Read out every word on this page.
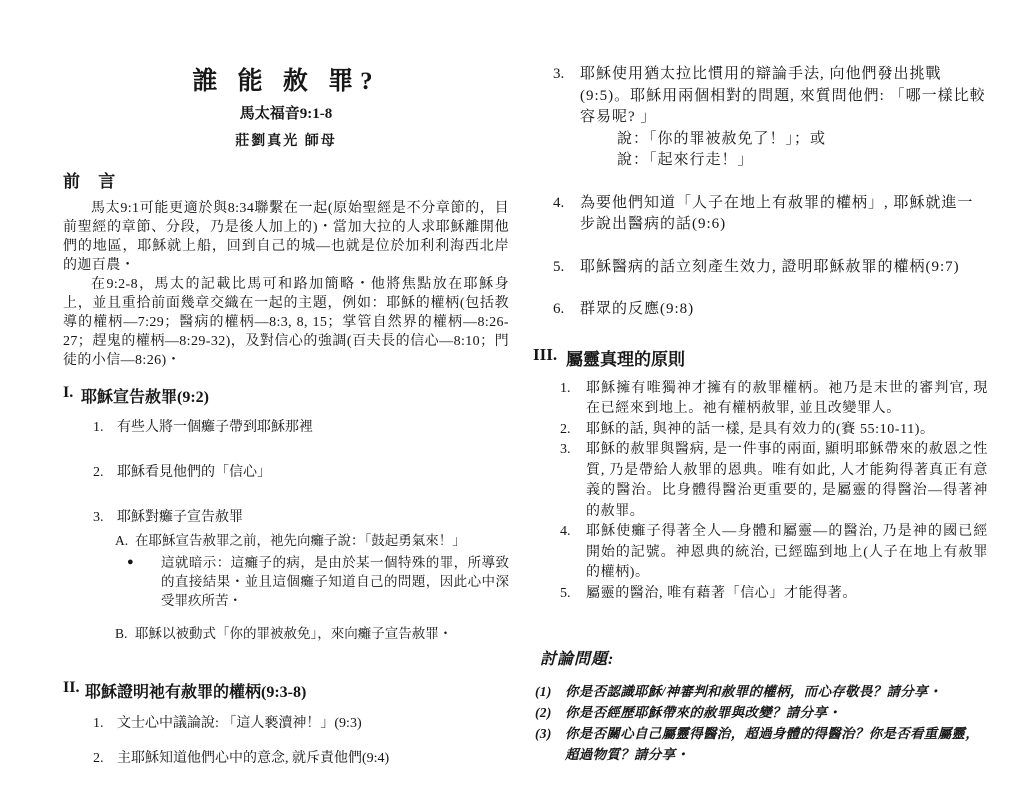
誰 能 赦 罪?
馬太福音9:1-8
莊劉真光 師母
前 言

馬太9:1可能更適於與8:34聯繫在一起(原始聖經是不分章節的，目前聖經的章節、分段，乃是後人加上的)・當加大拉的人求耶穌離開他們的地區，耶穌就上船，回到自己的城—也就是位於加利利海西北岸的迦百農・

在9:2-8，馬太的記載比馬可和路加簡略・他將焦點放在耶穌身上，並且重拾前面幾章交織在一起的主題，例如：耶穌的權柄(包括教導的權柄—7:29；醫病的權柄—8:3, 8, 15；掌管自然界的權柄—8:26-27；趕鬼的權柄—8:29-32)，及對信心的強調(百夫長的信心—8:10；門徒的小信—8:26)・

I. 耶穌宣告赦罪(9:2)
1. 有些人將一個癱子帶到耶穌那裡
2. 耶穌看見他們的「信心」
3. 耶穌對癱子宣告赦罪
A. 在耶穌宣告赦罪之前，祂先向癱子說：「鼓起勇氣來！」
●	這就暗示：這癱子的病，是由於某一個特殊的罪，所導致的直接結果・並且這個癱子知道自己的問題，因此心中深受罪疚所苦・
B. 耶穌以被動式「你的罪被赦免」，來向癱子宣告赦罪・
II. 耶穌證明祂有赦罪的權柄(9:3-8)
1. 文士心中議論說: 「這人褻瀆神！」(9:3)
2. 主耶穌知道他們心中的意念, 就斥責他們(9:4)
3.	耶穌使用猶太拉比慣用的辯論手法, 向他們發出挑戰(9:5)。耶穌用兩個相對的問題, 來質問他們: 「哪一樣比較容易呢? 」
說：「你的罪被赦免了！」；或
說：「起來行走！」
4.	為要他們知道「人子在地上有赦罪的權柄」, 耶穌就進一步說出醫病的話(9:6)
5.	耶穌醫病的話立刻產生效力, 證明耶穌赦罪的權柄(9:7)
6.	群眾的反應(9:8)
III. 屬靈真理的原則
1.	耶穌擁有唯獨神才擁有的赦罪權柄。祂乃是末世的審判官, 現在已經來到地上。祂有權柄赦罪, 並且改變罪人。
2.	耶穌的話, 與神的話一樣, 是具有效力的(賽 55:10-11)。
3.	耶穌的赦罪與醫病, 是一件事的兩面, 顯明耶穌帶來的赦恩之性質, 乃是帶給人赦罪的恩典。唯有如此, 人才能夠得著真正有意義的醫治。比身體得醫治更重要的, 是屬靈的得醫治—得著神的赦罪。
4.	耶穌使癱子得著全人—身體和屬靈—的醫治, 乃是神的國已經開始的記號。神恩典的統治, 已經臨到地上(人子在地上有赦罪的權柄)。
5.	屬靈的醫治, 唯有藉著「信心」才能得著。
討論問題:
(1) 你是否認識耶穌/神審判和赦罪的權柄，而心存敬畏？請分享・
(2) 你是否經歷耶穌帶來的赦罪與改變？請分享・
(3) 你是否關心自己屬靈得醫治，超過身體的得醫治？你是否看重屬靈，超過物質？請分享・
